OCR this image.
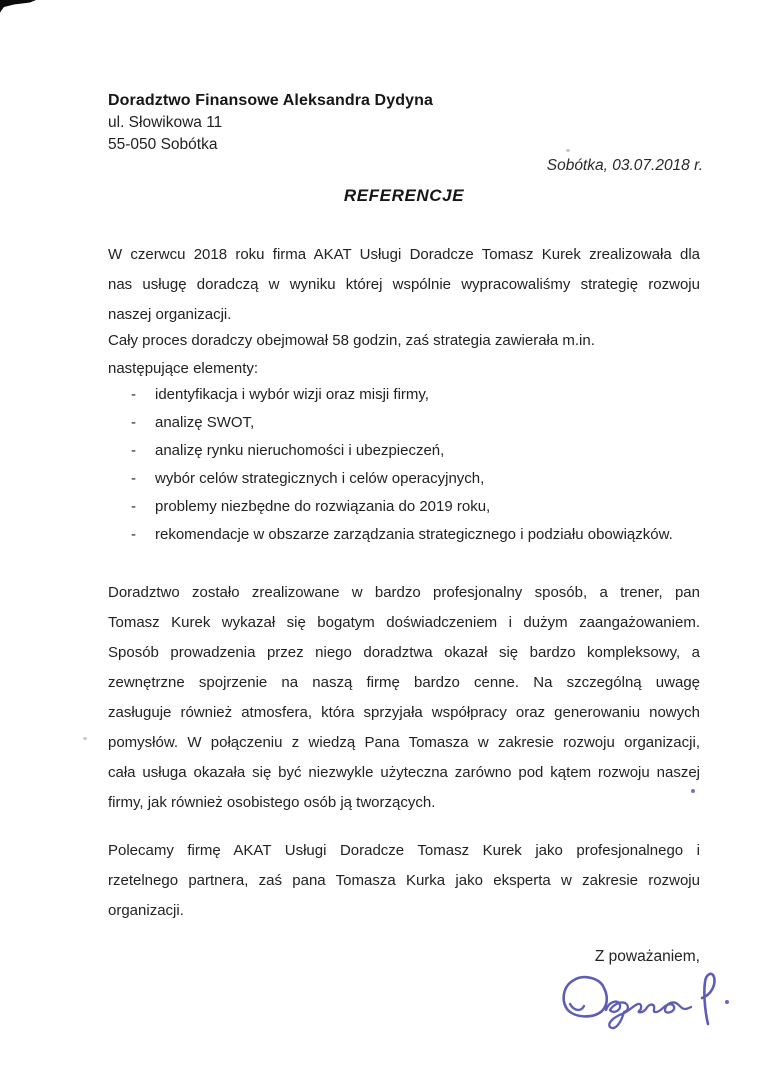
Doradztwo Finansowe Aleksandra Dydyna
ul. Słowikowa 11
55-050 Sobótka
Sobótka, 03.07.2018 r.
REFERENCJE
W czerwcu 2018 roku firma AKAT Usługi Doradcze Tomasz Kurek zrealizowała dla
nas usługę doradczą w wyniku której wspólnie wypracowaliśmy strategię rozwoju
naszej organizacji.
Cały proces doradczy obejmował 58 godzin, zaś strategia zawierała m.in.
następujące elementy:
-	identyfikacja i wybór wizji oraz misji firmy,
-	analizę SWOT,
-	analizę rynku nieruchomości i ubezpieczeń,
-	wybór celów strategicznych i celów operacyjnych,
-	problemy niezbędne do rozwiązania do 2019 roku,
-	rekomendacje w obszarze zarządzania strategicznego i podziału obowiązków.
Doradztwo zostało zrealizowane w bardzo profesjonalny sposób, a trener, pan
Tomasz Kurek wykazał się bogatym doświadczeniem i dużym zaangażowaniem.
Sposób prowadzenia przez niego doradztwa okazał się bardzo kompleksowy, a
zewnętrzne spojrzenie na naszą firmę bardzo cenne. Na szczególną uwagę
zasługuje również atmosfera, która sprzyjała współpracy oraz generowaniu nowych
pomysłów. W połączeniu z wiedzą Pana Tomasza w zakresie rozwoju organizacji,
cała usługa okazała się być niezwykle użyteczna zarówno pod kątem rozwoju naszej
firmy, jak również osobistego osób ją tworzących.
Polecamy firmę AKAT Usługi Doradcze Tomasz Kurek jako profesjonalnego i
rzetelnego partnera, zaś pana Tomasza Kurka jako eksperta w zakresie rozwoju
organizacji.
Z poważaniem,
